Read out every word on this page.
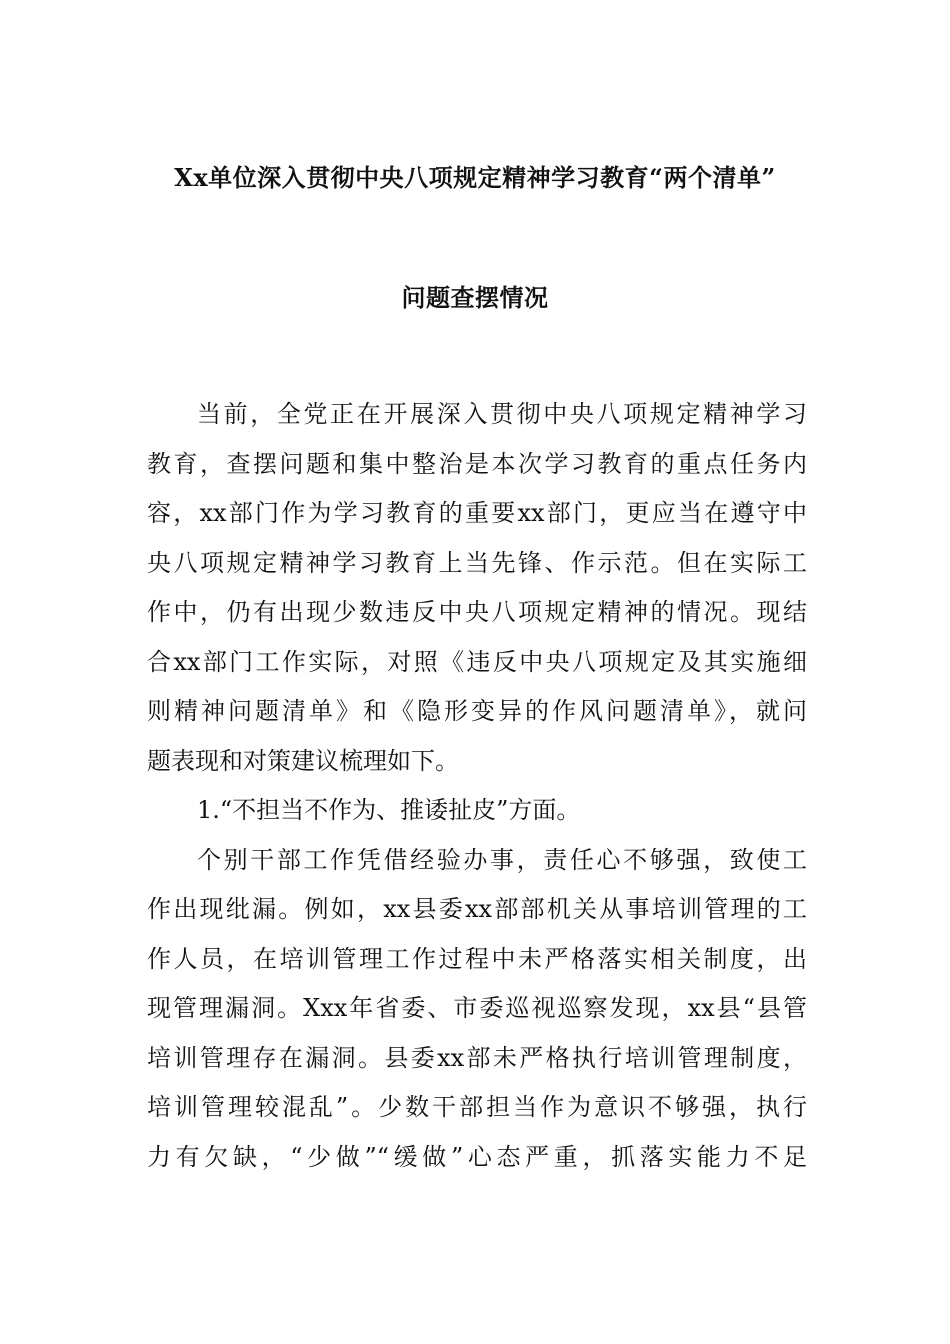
Xx单位深入贯彻中央八项规定精神学习教育“两个清单”
问题查摆情况
当前，全党正在开展深入贯彻中央八项规定精神学习
教育，查摆问题和集中整治是本次学习教育的重点任务内
容，xx部门作为学习教育的重要xx部门，更应当在遵守中
央八项规定精神学习教育上当先锋、作示范。但在实际工
作中，仍有出现少数违反中央八项规定精神的情况。现结
合xx部门工作实际，对照《违反中央八项规定及其实施细
则精神问题清单》和《隐形变异的作风问题清单》，就问
题表现和对策建议梳理如下。
1.“不担当不作为、推诿扯皮”方面。
个别干部工作凭借经验办事，责任心不够强，致使工
作出现纰漏。例如，xx县委xx部部机关从事培训管理的工
作人员，在培训管理工作过程中未严格落实相关制度，出
现管理漏洞。Xxx年省委、市委巡视巡察发现，xx县“县管
培训管理存在漏洞。县委xx部未严格执行培训管理制度，
培训管理较混乱”。少数干部担当作为意识不够强，执行
力有欠缺，“少做”“缓做”心态严重，抓落实能力不足
